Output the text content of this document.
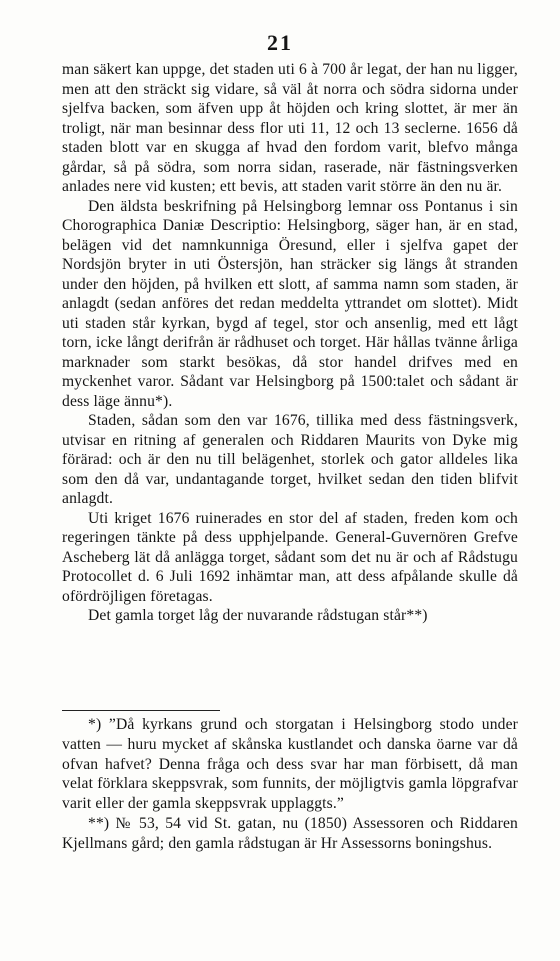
21

man säkert kan uppge, det staden uti 6 à 700 år legat, der han nu ligger, men att den sträckt sig vidare, så väl åt norra och södra sidorna under sjelfva backen, som äfven upp åt höjden och kring slottet, är mer än troligt, när man besinnar dess flor uti 11, 12 och 13 seclerne. 1656 då staden blott var en skugga af hvad den fordom varit, blefvo många gårdar, så på södra, som norra sidan, raserade, när fästningsverken anlades nere vid kusten; ett bevis, att staden varit större än den nu är.

Den äldsta beskrifning på Helsingborg lemnar oss Pontanus i sin Chorographica Daniæ Descriptio: Helsingborg, säger han, är en stad, belägen vid det namnkunniga Öresund, eller i sjelfva gapet der Nordsjön bryter in uti Östersjön, han sträcker sig längs åt stranden under den höjden, på hvilken ett slott, af samma namn som staden, är anlagdt (sedan anföres det redan meddelta yttrandet om slottet). Midt uti staden står kyrkan, bygd af tegel, stor och ansenlig, med ett lågt torn, icke långt derifrån är rådhuset och torget. Här hållas tvänne årliga marknader som starkt besökas, då stor handel drifves med en myckenhet varor. Sådant var Helsingborg på 1500:talet och sådant är dess läge ännu*).

Staden, sådan som den var 1676, tillika med dess fästningsverk, utvisar en ritning af generalen och Riddaren Maurits von Dyke mig förärad: och är den nu till belägenhet, storlek och gator alldeles lika som den då var, undantagande torget, hvilket sedan den tiden blifvit anlagdt.

Uti kriget 1676 ruinerades en stor del af staden, freden kom och regeringen tänkte på dess upphjelpande. General-Guvernören Grefve Ascheberg lät då anlägga torget, sådant som det nu är och af Rådstugu Protocollet d. 6 Juli 1692 inhämtar man, att dess afpålande skulle då ofördröjligen företagas.

Det gamla torget låg der nuvarande rådstugan står**)

*) ”Då kyrkans grund och storgatan i Helsingborg stodo under vatten — huru mycket af skånska kustlandet och danska öarne var då ofvan hafvet? Denna fråga och dess svar har man förbisett, då man velat förklara skeppsvrak, som funnits, der möjligtvis gamla löpgrafvar varit eller der gamla skeppsvrak upplaggts.”

**) № 53, 54 vid St. gatan, nu (1850) Assessoren och Riddaren Kjellmans gård; den gamla rådstugan är Hr Assessorns boningshus.
